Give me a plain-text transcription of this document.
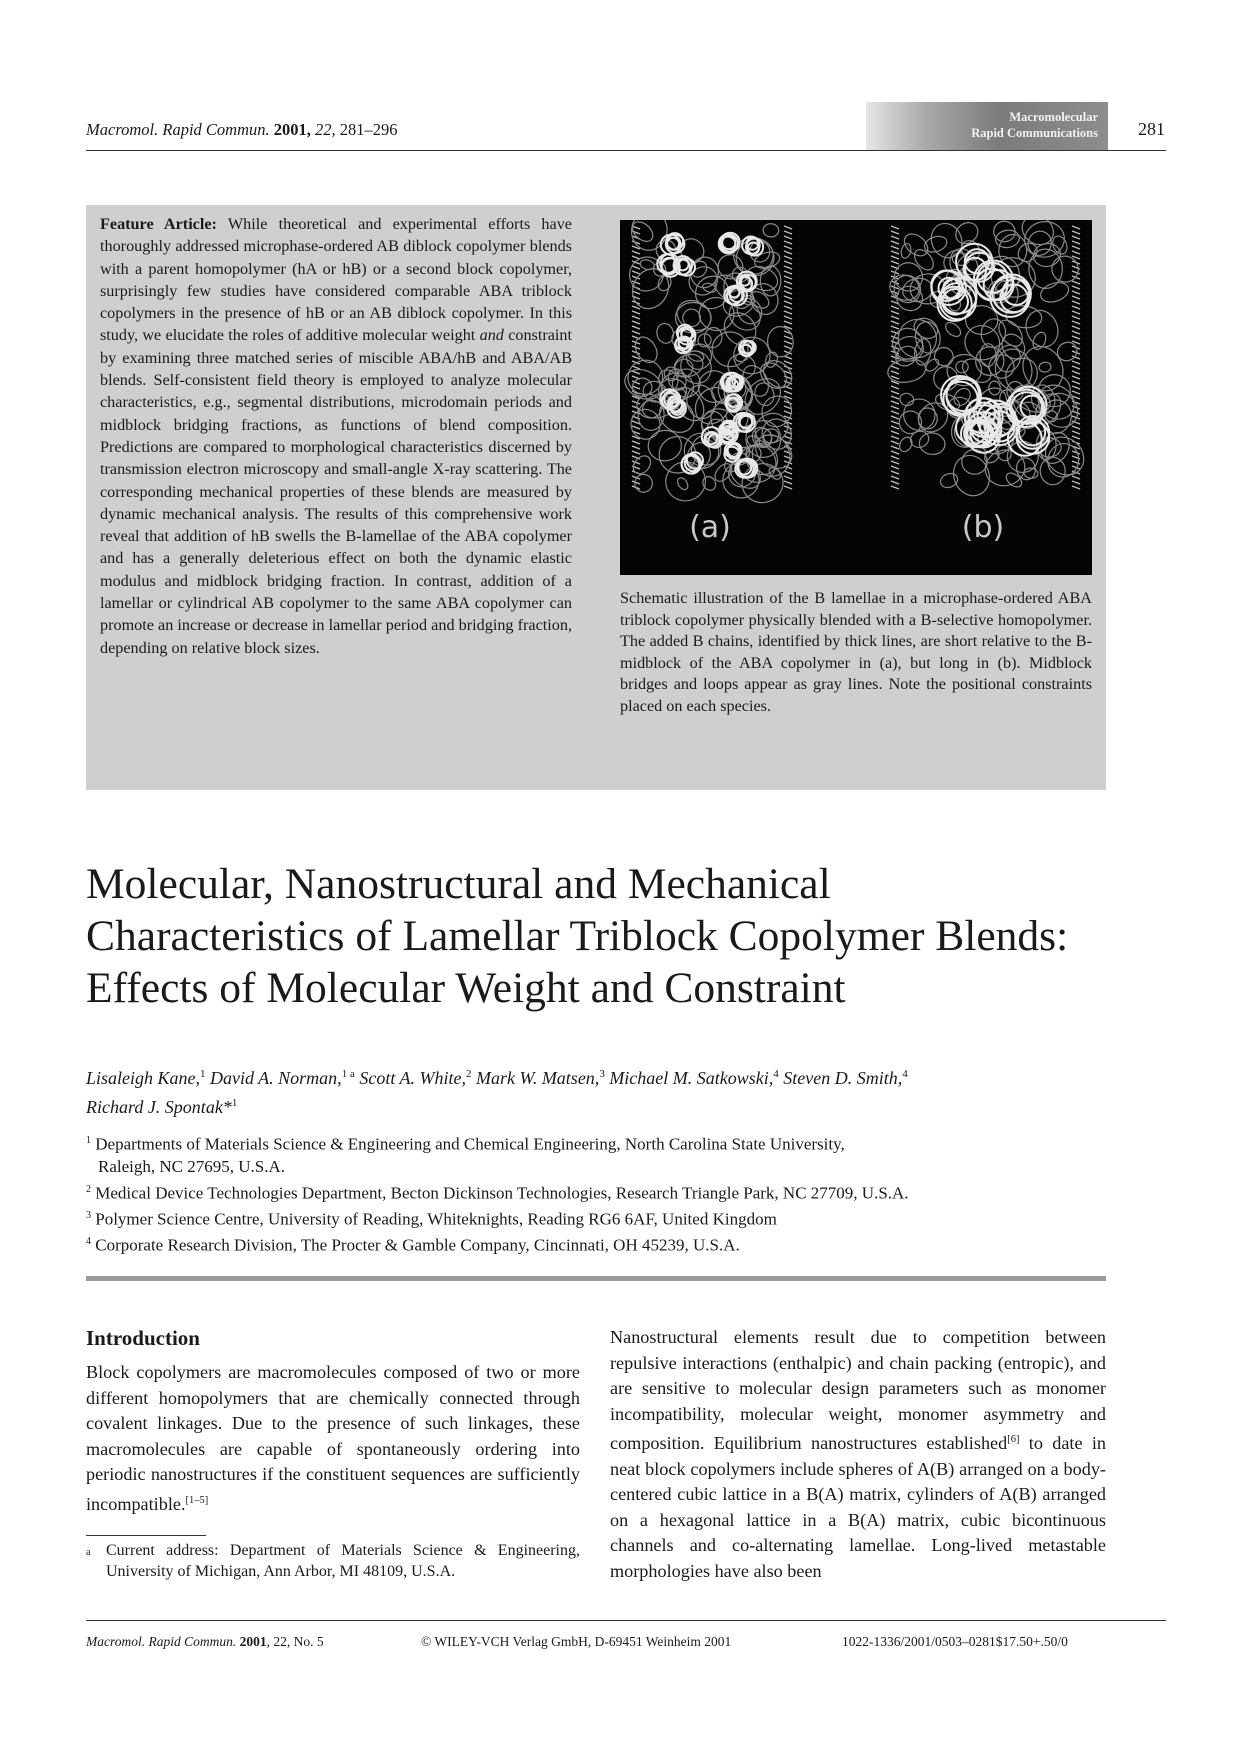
Macromol. Rapid Commun. 2001, 22, 281–296
Macromolecular
Rapid Communications 281
Feature Article: While theoretical and experimental efforts have thoroughly addressed microphase-ordered AB diblock copolymer blends with a parent homopolymer (hA or hB) or a second block copolymer, surprisingly few studies have considered comparable ABA triblock copolymers in the presence of hB or an AB diblock copolymer. In this study, we elucidate the roles of additive molecular weight and constraint by examining three matched series of miscible ABA/hB and ABA/AB blends. Self-consistent field theory is employed to analyze molecular characteristics, e.g., segmental distributions, microdomain periods and midblock bridging fractions, as functions of blend composition. Predictions are compared to morphological characteristics discerned by transmission electron microscopy and small-angle X-ray scattering. The corresponding mechanical properties of these blends are measured by dynamic mechanical analysis. The results of this comprehensive work reveal that addition of hB swells the B-lamellae of the ABA copolymer and has a generally deleterious effect on both the dynamic elastic modulus and midblock bridging fraction. In contrast, addition of a lamellar or cylindrical AB copolymer to the same ABA copolymer can promote an increase or decrease in lamellar period and bridging fraction, depending on relative block sizes.
(a)	(b)
Schematic illustration of the B lamellae in a microphase-ordered ABA triblock copolymer physically blended with a B-selective homopolymer. The added B chains, identified by thick lines, are short relative to the B-midblock of the ABA copolymer in (a), but long in (b). Midblock bridges and loops appear as gray lines. Note the positional constraints placed on each species.
Molecular, Nanostructural and Mechanical
Characteristics of Lamellar Triblock Copolymer Blends:
Effects of Molecular Weight and Constraint
Lisaleigh Kane,$^1$ David A. Norman,$^{1 a}$ Scott A. White,$^2$ Mark W. Matsen,$^3$ Michael M. Satkowski,$^4$ Steven D. Smith,$^4$
Richard J. Spontak*$^1$
$^1$ Departments of Materials Science & Engineering and Chemical Engineering, North Carolina State University,
Raleigh, NC 27695, U.S.A.
$^2$ Medical Device Technologies Department, Becton Dickinson Technologies, Research Triangle Park, NC 27709, U.S.A.
$^3$ Polymer Science Centre, University of Reading, Whiteknights, Reading RG6 6AF, United Kingdom
$^4$ Corporate Research Division, The Procter & Gamble Company, Cincinnati, OH 45239, U.S.A.
Introduction
Block copolymers are macromolecules composed of two or more different homopolymers that are chemically connected through covalent linkages. Due to the presence of such linkages, these macromolecules are capable of spontaneously ordering into periodic nanostructures if the constituent sequences are sufficiently incompatible.[1–5]
a Current address: Department of Materials Science & Engineering, University of Michigan, Ann Arbor, MI 48109, U.S.A.
Nanostructural elements result due to competition between repulsive interactions (enthalpic) and chain packing (entropic), and are sensitive to molecular design parameters such as monomer incompatibility, molecular weight, monomer asymmetry and composition. Equilibrium nanostructures established[6] to date in neat block copolymers include spheres of A(B) arranged on a body-centered cubic lattice in a B(A) matrix, cylinders of A(B) arranged on a hexagonal lattice in a B(A) matrix, cubic bicontinuous channels and co-alternating lamellae. Long-lived metastable morphologies have also been
Macromol. Rapid Commun. 2001, 22, No. 5	© WILEY-VCH Verlag GmbH, D-69451 Weinheim 2001	1022-1336/2001/0503–0281$17.50+.50/0
